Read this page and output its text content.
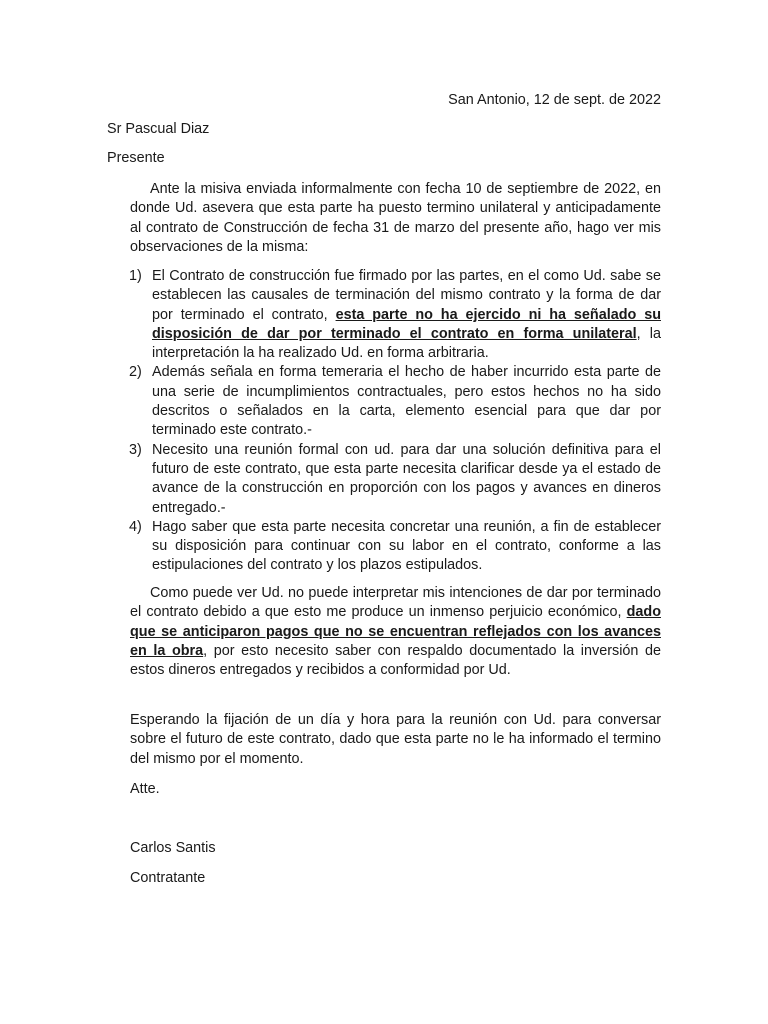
San Antonio, 12 de sept. de 2022
Sr Pascual Diaz
Presente

Ante la misiva enviada informalmente con fecha 10 de septiembre de 2022, en donde Ud. asevera que esta parte ha puesto termino unilateral y anticipadamente al contrato de Construcción de fecha 31 de marzo del presente año, hago ver mis observaciones de la misma:

1) El Contrato de construcción fue firmado por las partes, en el como Ud. sabe se establecen las causales de terminación del mismo contrato y la forma de dar por terminado el contrato, esta parte no ha ejercido ni ha señalado su disposición de dar por terminado el contrato en forma unilateral, la interpretación la ha realizado Ud. en forma arbitraria.
2) Además señala en forma temeraria el hecho de haber incurrido esta parte de una serie de incumplimientos contractuales, pero estos hechos no ha sido descritos o señalados en la carta, elemento esencial para que dar por terminado este contrato.-
3) Necesito una reunión formal con ud. para dar una solución definitiva para el futuro de este contrato, que esta parte necesita clarificar desde ya el estado de avance de la construcción en proporción con los pagos y avances en dineros entregado.-
4) Hago saber que esta parte necesita concretar una reunión, a fin de establecer su disposición para continuar con su labor en el contrato, conforme a las estipulaciones del contrato y los plazos estipulados.

Como puede ver Ud. no puede interpretar mis intenciones de dar por terminado el contrato debido a que esto me produce un inmenso perjuicio económico, dado que se anticiparon pagos que no se encuentran reflejados con los avances en la obra, por esto necesito saber con respaldo documentado la inversión de estos dineros entregados y recibidos a conformidad por Ud.

Esperando la fijación de un día y hora para la reunión con Ud. para conversar sobre el futuro de este contrato, dado que esta parte no le ha informado el termino del mismo por el momento.

Atte.
Carlos Santis
Contratante
